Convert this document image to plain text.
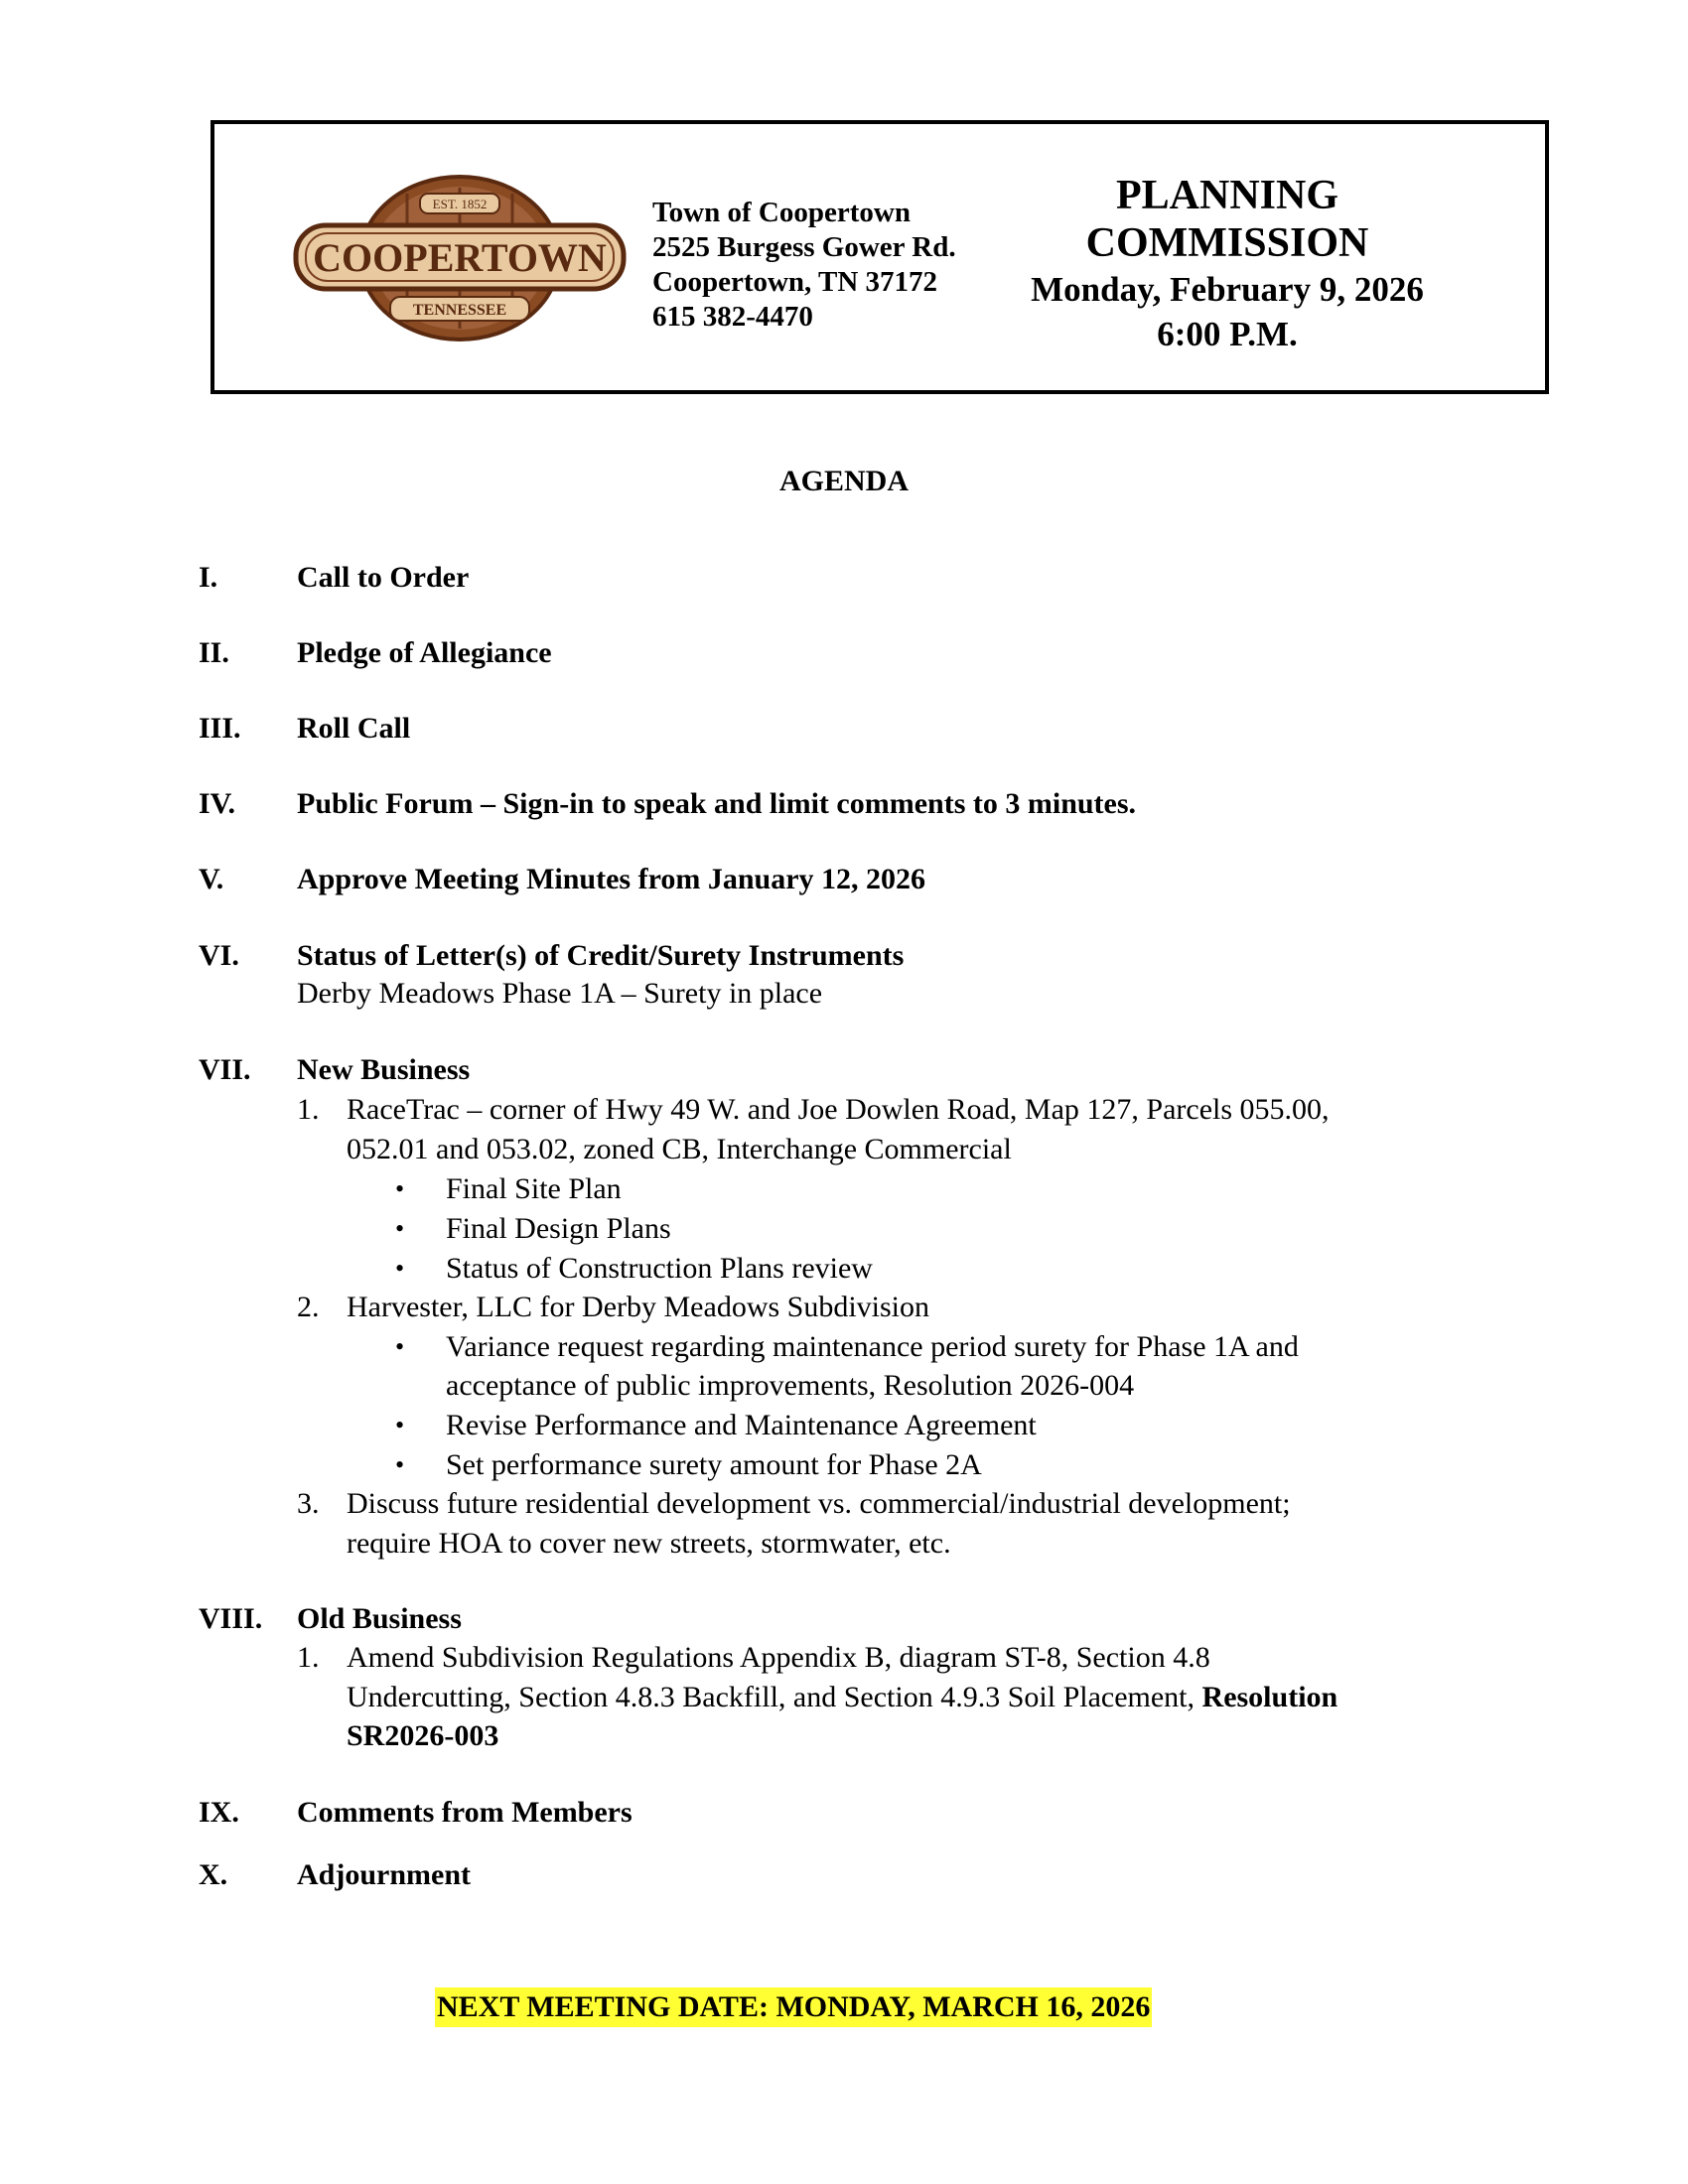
COOPERTOWN
EST. 1852
TENNESSEE
Town of Coopertown
2525 Burgess Gower Rd.
Coopertown, TN 37172
615 382-4470
PLANNING
COMMISSION
Monday, February 9, 2026
6:00 P.M.
AGENDA
I.	Call to Order
II. Pledge of Allegiance
III. Roll Call
IV. Public Forum – Sign-in to speak and limit comments to 3 minutes.
V. Approve Meeting Minutes from January 12, 2026
VI. Status of Letter(s) of Credit/Surety Instruments
Derby Meadows Phase 1A – Surety in place
VII. New Business
1. RaceTrac – corner of Hwy 49 W. and Joe Dowlen Road, Map 127, Parcels 055.00,
052.01 and 053.02, zoned CB, Interchange Commercial
• Final Site Plan
• Final Design Plans
• Status of Construction Plans review
2. Harvester, LLC for Derby Meadows Subdivision
• Variance request regarding maintenance period surety for Phase 1A and
acceptance of public improvements, Resolution 2026-004
• Revise Performance and Maintenance Agreement
• Set performance surety amount for Phase 2A
3. Discuss future residential development vs. commercial/industrial development;
require HOA to cover new streets, stormwater, etc.
VIII. Old Business
1. Amend Subdivision Regulations Appendix B, diagram ST-8, Section 4.8
Undercutting, Section 4.8.3 Backfill, and Section 4.9.3 Soil Placement, Resolution
SR2026-003
IX. Comments from Members
X. Adjournment
NEXT MEETING DATE: MONDAY, MARCH 16, 2026
